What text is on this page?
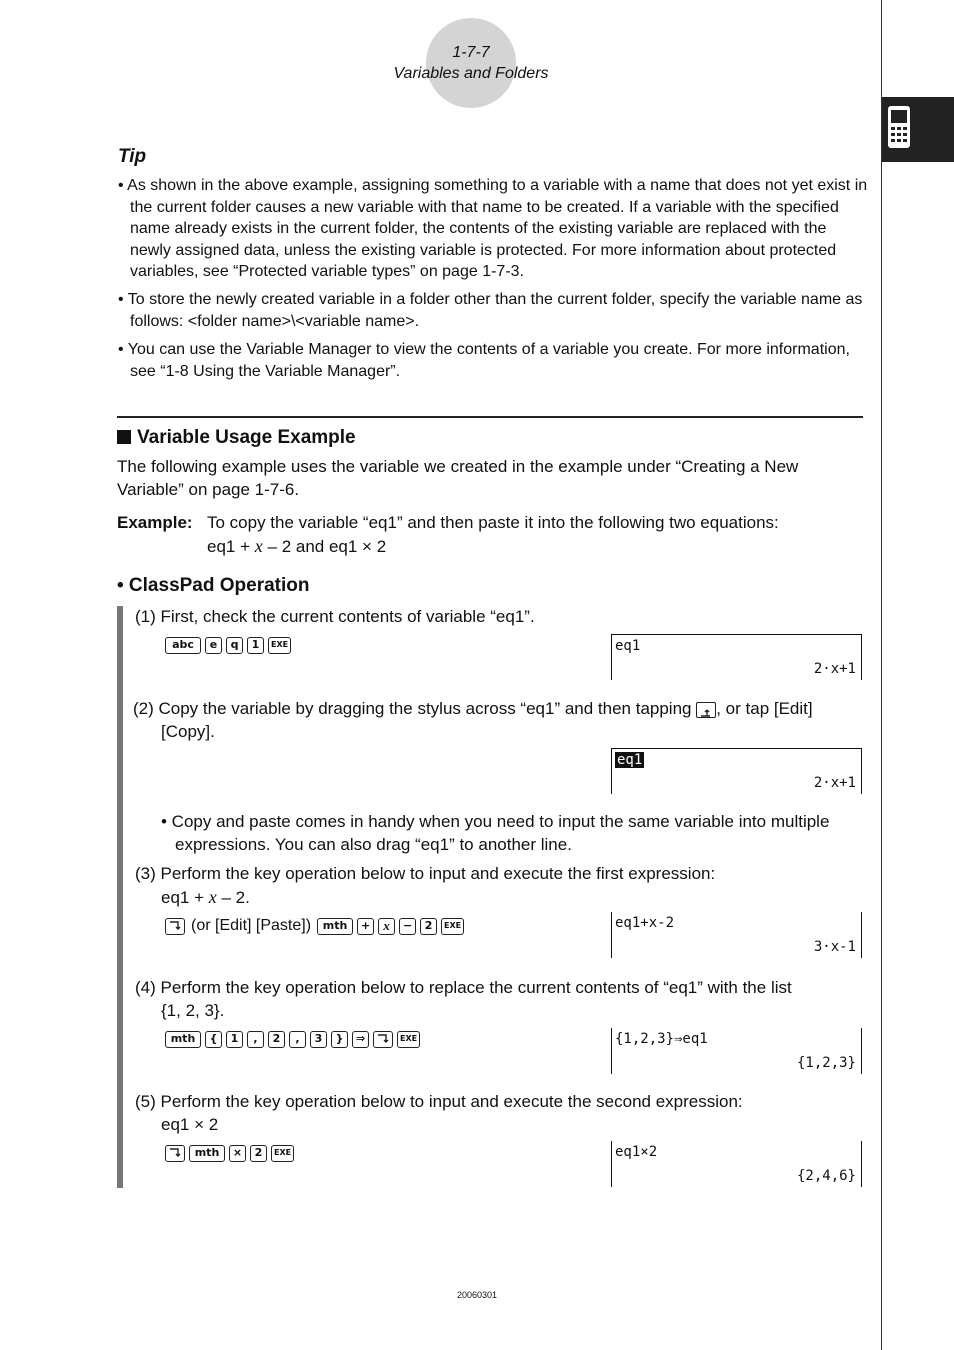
1-7-7
Variables and Folders
Tip
• As shown in the above example, assigning something to a variable with a name that does not yet exist in the current folder causes a new variable with that name to be created. If a variable with the specified name already exists in the current folder, the contents of the existing variable are replaced with the newly assigned data, unless the existing variable is protected. For more information about protected variables, see “Protected variable types” on page 1-7-3.
• To store the newly created variable in a folder other than the current folder, specify the variable name as follows: <folder name>\<variable name>.
• You can use the Variable Manager to view the contents of a variable you create. For more information, see “1-8 Using the Variable Manager”.
Variable Usage Example
The following example uses the variable we created in the example under “Creating a New Variable” on page 1-7-6.
Example: To copy the variable “eq1” and then paste it into the following two equations:
eq1 + x – 2 and eq1 × 2
• ClassPad Operation
(1) First, check the current contents of variable “eq1”.
abc	e	q	1	EXE	eq1
2·x+1
(2) Copy the variable by dragging the stylus across “eq1” and then tapping , or tap [Edit]
[Copy].
eq1
2·x+1
• Copy and paste comes in handy when you need to input the same variable into multiple expressions. You can also drag “eq1” to another line.
(3) Perform the key operation below to input and execute the first expression:
eq1 + x – 2.
(or [Edit] [Paste])	mth	+	x	−	2	EXE	eq1+x-2
3·x-1
(4) Perform the key operation below to replace the current contents of “eq1” with the list
{1, 2, 3}.
mth	{	1	,	2	,	3	}	⇒	EXE	{1,2,3}⇒eq1
{1,2,3}
(5) Perform the key operation below to input and execute the second expression:
eq1 × 2
mth	×	2	EXE	eq1×2
{2,4,6}
20060301
